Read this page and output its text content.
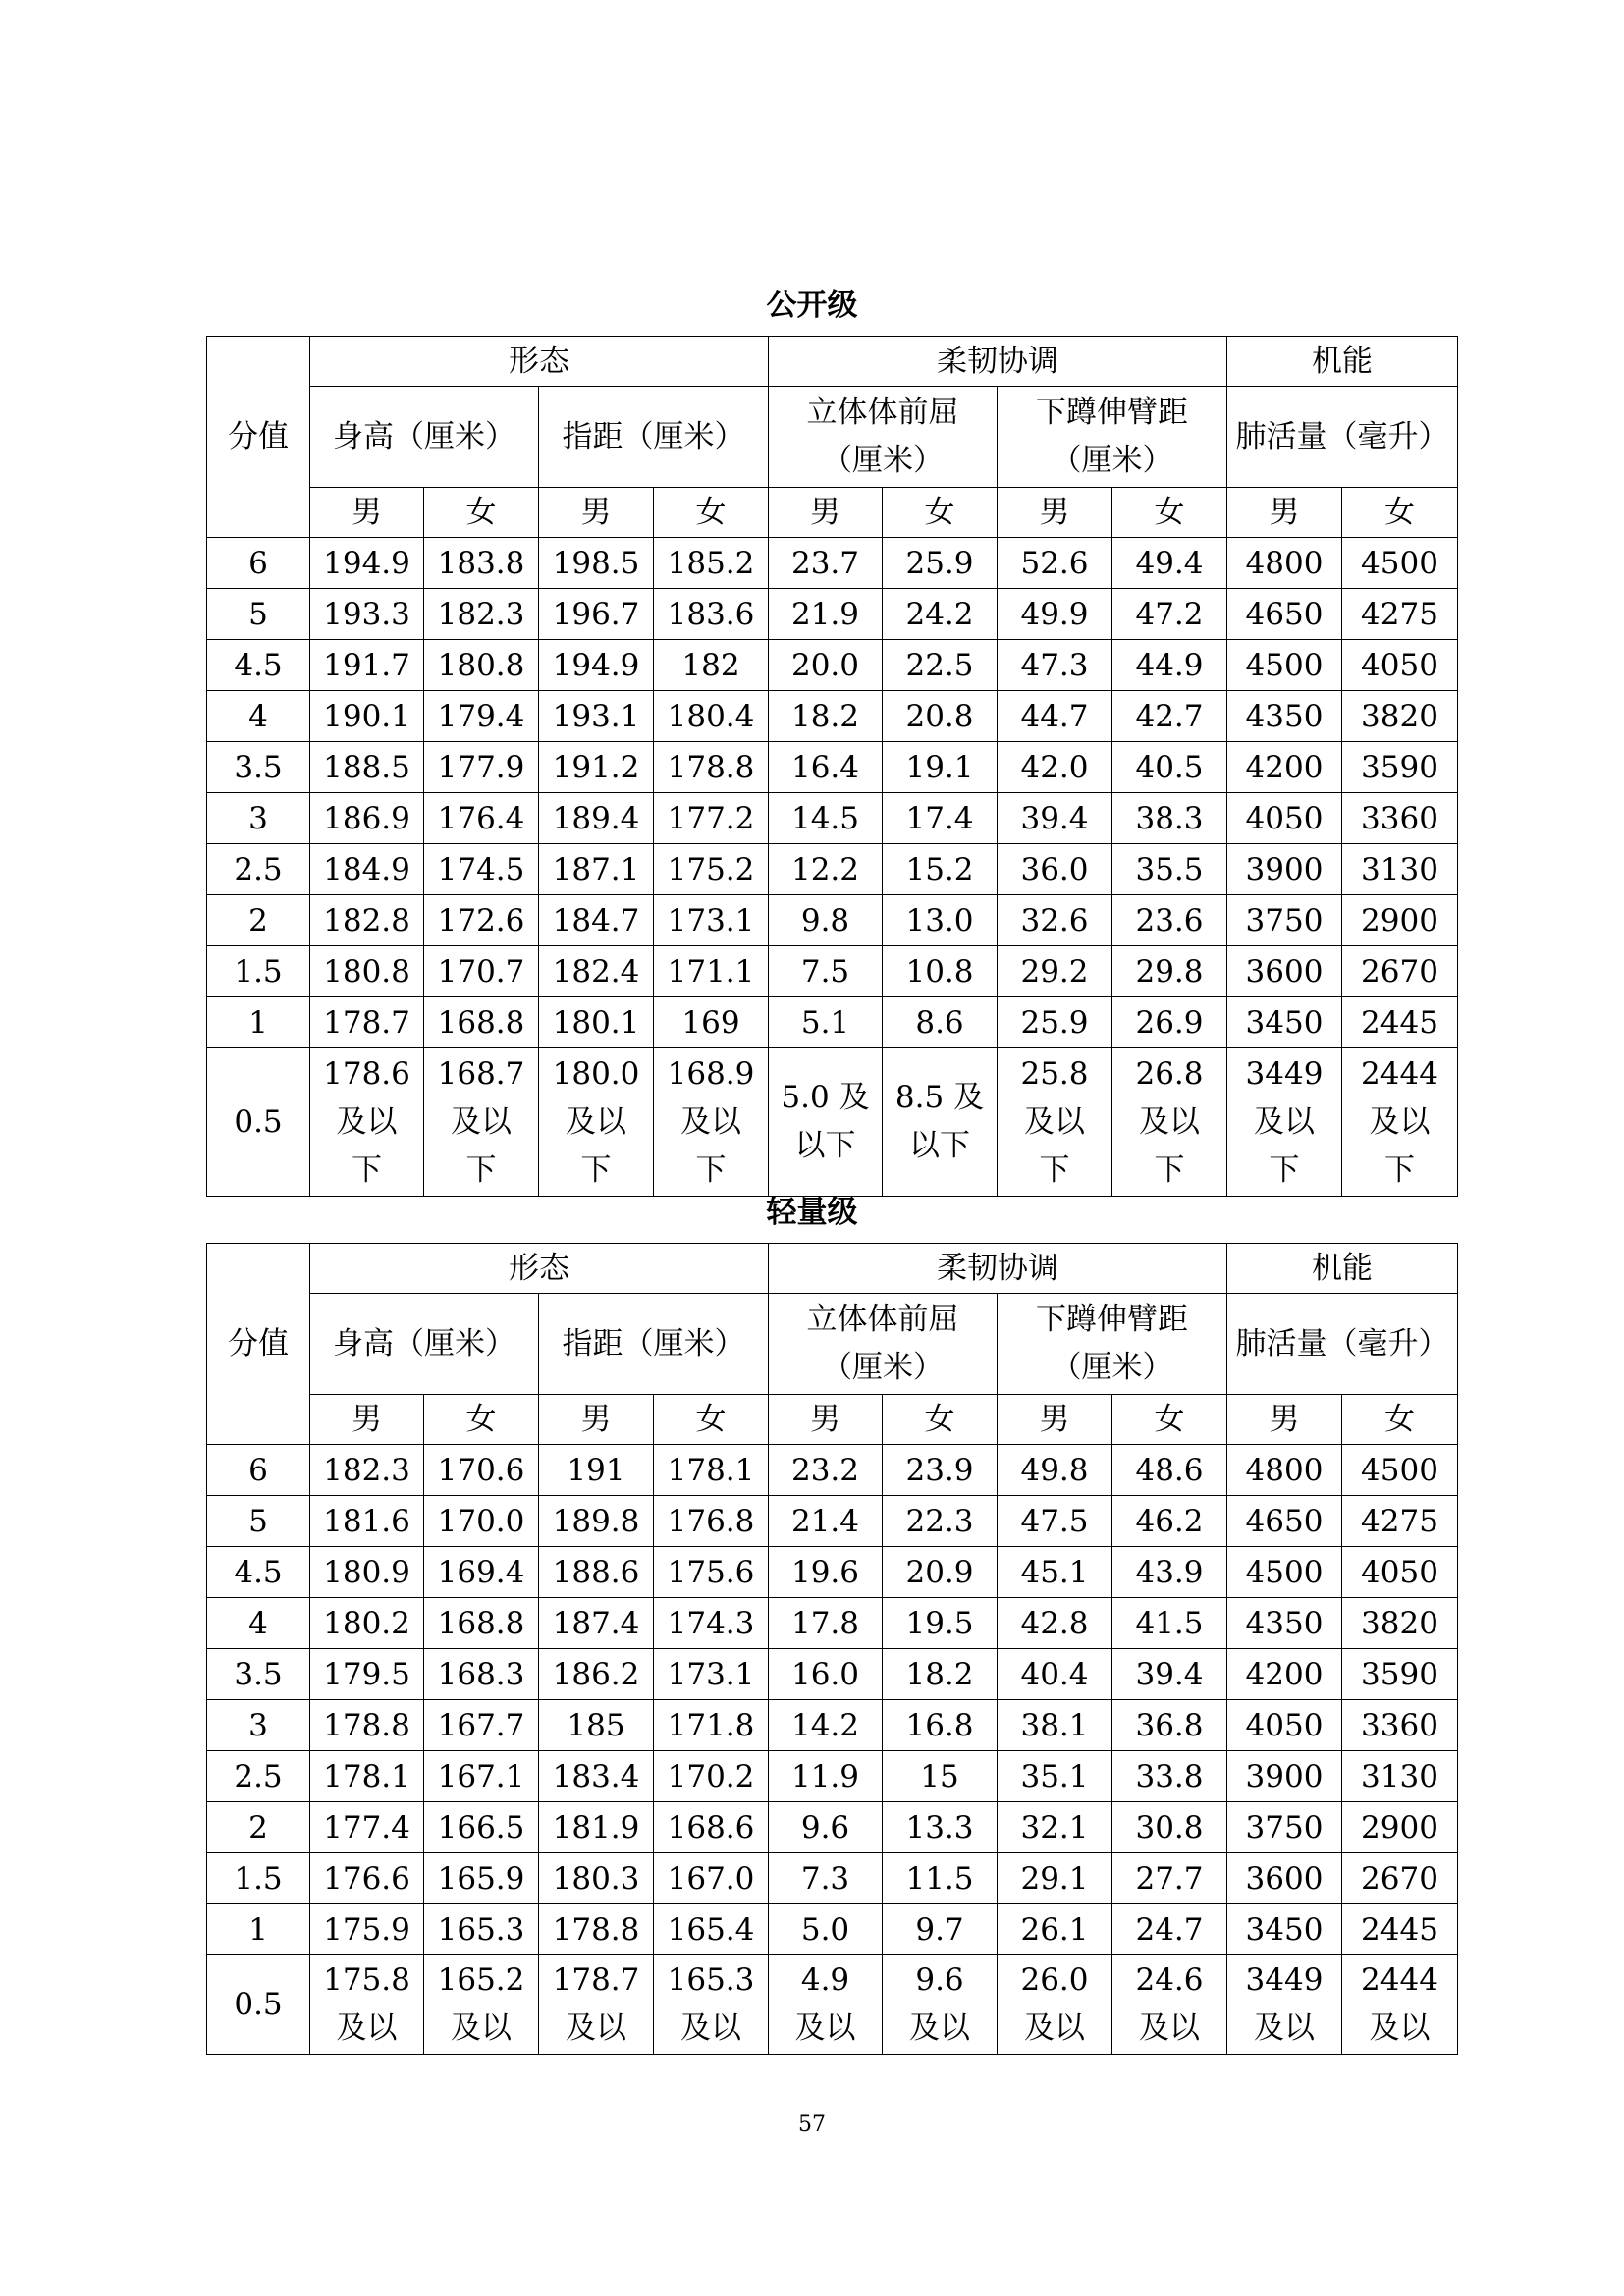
公开级
分值	形态				柔韧协调				机能	
	身高（厘米）		指距（厘米）		立体体前屈
（厘米）		下蹲伸臂距
（厘米）		肺活量（毫升）	
	男	女	男	女	男	女	男	女	男	女
6	194.9	183.8	198.5	185.2	23.7	25.9	52.6	49.4	4800	4500
5	193.3	182.3	196.7	183.6	21.9	24.2	49.9	47.2	4650	4275
4.5	191.7	180.8	194.9	182	20.0	22.5	47.3	44.9	4500	4050
4	190.1	179.4	193.1	180.4	18.2	20.8	44.7	42.7	4350	3820
3.5	188.5	177.9	191.2	178.8	16.4	19.1	42.0	40.5	4200	3590
3	186.9	176.4	189.4	177.2	14.5	17.4	39.4	38.3	4050	3360
2.5	184.9	174.5	187.1	175.2	12.2	15.2	36.0	35.5	3900	3130
2	182.8	172.6	184.7	173.1	9.8	13.0	32.6	23.6	3750	2900
1.5	180.8	170.7	182.4	171.1	7.5	10.8	29.2	29.8	3600	2670
1	178.7	168.8	180.1	169	5.1	8.6	25.9	26.9	3450	2445
0.5	178.6
及以
下	168.7
及以
下	180.0
及以
下	168.9
及以
下	5.0 及
以下	8.5 及
以下	25.8
及以
下	26.8
及以
下	3449
及以
下	2444
及以
下
轻量级
分值	形态				柔韧协调				机能	
	身高（厘米）		指距（厘米）		立体体前屈
（厘米）		下蹲伸臂距
（厘米）		肺活量（毫升）	
	男	女	男	女	男	女	男	女	男	女
6	182.3	170.6	191	178.1	23.2	23.9	49.8	48.6	4800	4500
5	181.6	170.0	189.8	176.8	21.4	22.3	47.5	46.2	4650	4275
4.5	180.9	169.4	188.6	175.6	19.6	20.9	45.1	43.9	4500	4050
4	180.2	168.8	187.4	174.3	17.8	19.5	42.8	41.5	4350	3820
3.5	179.5	168.3	186.2	173.1	16.0	18.2	40.4	39.4	4200	3590
3	178.8	167.7	185	171.8	14.2	16.8	38.1	36.8	4050	3360
2.5	178.1	167.1	183.4	170.2	11.9	15	35.1	33.8	3900	3130
2	177.4	166.5	181.9	168.6	9.6	13.3	32.1	30.8	3750	2900
1.5	176.6	165.9	180.3	167.0	7.3	11.5	29.1	27.7	3600	2670
1	175.9	165.3	178.8	165.4	5.0	9.7	26.1	24.7	3450	2445
0.5	175.8
及以	165.2
及以	178.7
及以	165.3
及以	4.9
及以	9.6
及以	26.0
及以	24.6
及以	3449
及以	2444
及以
57
